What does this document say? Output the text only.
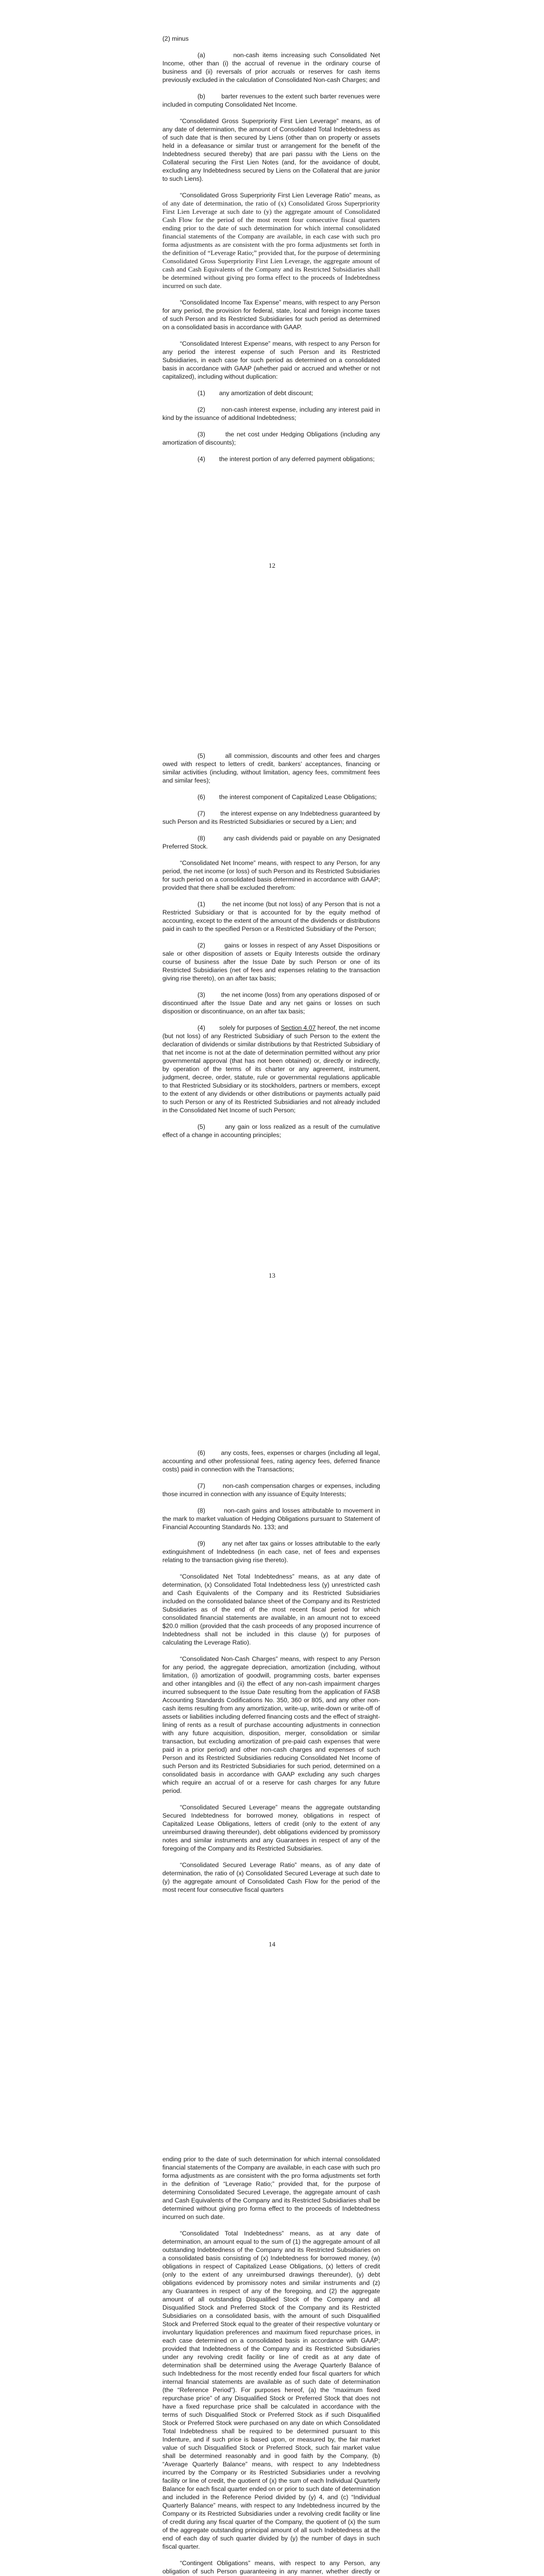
(2) minus

(a)	non-cash items increasing such Consolidated Net Income, other than (i) the accrual of revenue in the ordinary course of business and (ii) reversals of prior accruals or reserves for cash items previously excluded in the calculation of Consolidated Non-cash Charges; and

(b)	barter revenues to the extent such barter revenues were included in computing Consolidated Net Income.

“Consolidated Gross Superpriority First Lien Leverage” means, as of any date of determination, the amount of Consolidated Total Indebtedness as of such date that is then secured by Liens (other than on property or assets held in a defeasance or similar trust or arrangement for the benefit of the Indebtedness secured thereby) that are pari passu with the Liens on the Collateral securing the First Lien Notes (and, for the avoidance of doubt, excluding any Indebtedness secured by Liens on the Collateral that are junior to such Liens).

“Consolidated Gross Superpriority First Lien Leverage Ratio” means, as of any date of determination, the ratio of (x) Consolidated Gross Superpriority First Lien Leverage at such date to (y) the aggregate amount of Consolidated Cash Flow for the period of the most recent four consecutive fiscal quarters ending prior to the date of such determination for which internal consolidated financial statements of the Company are available, in each case with such pro forma adjustments as are consistent with the pro forma adjustments set forth in the definition of “Leverage Ratio;” provided that, for the purpose of determining Consolidated Gross Superpriority First Lien Leverage, the aggregate amount of cash and Cash Equivalents of the Company and its Restricted Subsidiaries shall be determined without giving pro forma effect to the proceeds of Indebtedness incurred on such date.

“Consolidated Income Tax Expense” means, with respect to any Person for any period, the provision for federal, state, local and foreign income taxes of such Person and its Restricted Subsidiaries for such period as determined on a consolidated basis in accordance with GAAP.

“Consolidated Interest Expense” means, with respect to any Person for any period the interest expense of such Person and its Restricted Subsidiaries, in each case for such period as determined on a consolidated basis in accordance with GAAP (whether paid or accrued and whether or not capitalized), including without duplication:

(1) any amortization of debt discount;

(2)	non-cash interest expense, including any interest paid in kind by the issuance of additional Indebtedness;

(3)	the net cost under Hedging Obligations (including any amortization of discounts);

(4) the interest portion of any deferred payment obligations;

12

(5)	all commission, discounts and other fees and charges owed with respect to letters of credit, bankers’ acceptances, financing or similar activities (including, without limitation, agency fees, commitment fees and similar fees);

(6) the interest component of Capitalized Lease Obligations;

(7) the interest expense on any Indebtedness guaranteed by such Person and its Restricted Subsidiaries or secured by a Lien; and

(8)	any cash dividends paid or payable on any Designated Preferred Stock.

“Consolidated Net Income” means, with respect to any Person, for any period, the net income (or loss) of such Person and its Restricted Subsidiaries for such period on a consolidated basis determined in accordance with GAAP; provided that there shall be excluded therefrom:

(1)	the net income (but not loss) of any Person that is not a Restricted Subsidiary or that is accounted for by the equity method of accounting, except to the extent of the amount of the dividends or distributions paid in cash to the specified Person or a Restricted Subsidiary of the Person;

(2)	gains or losses in respect of any Asset Dispositions or sale or other disposition of assets or Equity Interests outside the ordinary course of business after the Issue Date by such Person or one of its Restricted Subsidiaries (net of fees and expenses relating to the transaction giving rise thereto), on an after tax basis;

(3)	the net income (loss) from any operations disposed of or discontinued after the Issue Date and any net gains or losses on such disposition or discontinuance, on an after tax basis;

(4) solely for purposes of Section 4.07 hereof, the net income (but not loss) of any Restricted Subsidiary of such Person to the extent the declaration of dividends or similar distributions by that Restricted Subsidiary of that net income is not at the date of determination permitted without any prior governmental approval (that has not been obtained) or, directly or indirectly, by operation of the terms of its charter or any agreement, instrument, judgment, decree, order, statute, rule or governmental regulations applicable to that Restricted Subsidiary or its stockholders, partners or members, except to the extent of any dividends or other distributions or payments actually paid to such Person or any of its Restricted Subsidiaries and not already included in the Consolidated Net Income of such Person;

(5)	any gain or loss realized as a result of the cumulative effect of a change in accounting principles;

13

(6)	any costs, fees, expenses or charges (including all legal, accounting and other professional fees, rating agency fees, deferred finance costs) paid in connection with the Transactions;

(7)	non-cash compensation charges or expenses, including those incurred in connection with any issuance of Equity Interests;

(8)	non-cash gains and losses attributable to movement in the mark to market valuation of Hedging Obligations pursuant to Statement of Financial Accounting Standards No. 133; and

(9)	any net after tax gains or losses attributable to the early extinguishment of Indebtedness (in each case, net of fees and expenses relating to the transaction giving rise thereto).

“Consolidated Net Total Indebtedness” means, as at any date of determination, (x) Consolidated Total Indebtedness less (y) unrestricted cash and Cash Equivalents of the Company and its Restricted Subsidiaries included on the consolidated balance sheet of the Company and its Restricted Subsidiaries as of the end of the most recent fiscal period for which consolidated financial statements are available, in an amount not to exceed $20.0 million (provided that the cash proceeds of any proposed incurrence of Indebtedness shall not be included in this clause (y) for purposes of calculating the Leverage Ratio).

“Consolidated Non-Cash Charges” means, with respect to any Person for any period, the aggregate depreciation, amortization (including, without limitation, (i) amortization of goodwill, programming costs, barter expenses and other intangibles and (ii) the effect of any non-cash impairment charges incurred subsequent to the Issue Date resulting from the application of FASB Accounting Standards Codifications No. 350, 360 or 805, and any other non-cash items resulting from any amortization, write-up, write-down or write-off of assets or liabilities including deferred financing costs and the effect of straight-lining of rents as a result of purchase accounting adjustments in connection with any future acquisition, disposition, merger, consolidation or similar transaction, but excluding amortization of pre-paid cash expenses that were paid in a prior period) and other non-cash charges and expenses of such Person and its Restricted Subsidiaries reducing Consolidated Net Income of such Person and its Restricted Subsidiaries for such period, determined on a consolidated basis in accordance with GAAP excluding any such charges which require an accrual of or a reserve for cash charges for any future period.

“Consolidated Secured Leverage” means the aggregate outstanding Secured Indebtedness for borrowed money, obligations in respect of Capitalized Lease Obligations, letters of credit (only to the extent of any unreimbursed drawing thereunder), debt obligations evidenced by promissory notes and similar instruments and any Guarantees in respect of any of the foregoing of the Company and its Restricted Subsidiaries.

“Consolidated Secured Leverage Ratio” means, as of any date of determination, the ratio of (x) Consolidated Secured Leverage at such date to (y) the aggregate amount of Consolidated Cash Flow for the period of the most recent four consecutive fiscal quarters

14

ending prior to the date of such determination for which internal consolidated financial statements of the Company are available, in each case with such pro forma adjustments as are consistent with the pro forma adjustments set forth in the definition of “Leverage Ratio;” provided that, for the purpose of determining Consolidated Secured Leverage, the aggregate amount of cash and Cash Equivalents of the Company and its Restricted Subsidiaries shall be determined without giving pro forma effect to the proceeds of Indebtedness incurred on such date.

“Consolidated Total Indebtedness” means, as at any date of determination, an amount equal to the sum of (1) the aggregate amount of all outstanding Indebtedness of the Company and its Restricted Subsidiaries on a consolidated basis consisting of (x) Indebtedness for borrowed money, (w) obligations in respect of Capitalized Lease Obligations, (x) letters of credit (only to the extent of any unreimbursed drawings thereunder), (y) debt obligations evidenced by promissory notes and similar instruments and (z) any Guarantees in respect of any of the foregoing, and (2) the aggregate amount of all outstanding Disqualified Stock of the Company and all Disqualified Stock and Preferred Stock of the Company and its Restricted Subsidiaries on a consolidated basis, with the amount of such Disqualified Stock and Preferred Stock equal to the greater of their respective voluntary or involuntary liquidation preferences and maximum fixed repurchase prices, in each case determined on a consolidated basis in accordance with GAAP; provided that Indebtedness of the Company and its Restricted Subsidiaries under any revolving credit facility or line of credit as at any date of determination shall be determined using the Average Quarterly Balance of such Indebtedness for the most recently ended four fiscal quarters for which internal financial statements are available as of such date of determination (the “Reference Period”). For purposes hereof, (a) the “maximum fixed repurchase price” of any Disqualified Stock or Preferred Stock that does not have a fixed repurchase price shall be calculated in accordance with the terms of such Disqualified Stock or Preferred Stock as if such Disqualified Stock or Preferred Stock were purchased on any date on which Consolidated Total Indebtedness shall be required to be determined pursuant to this Indenture, and if such price is based upon, or measured by, the fair market value of such Disqualified Stock or Preferred Stock, such fair market value shall be determined reasonably and in good faith by the Company, (b) “Average Quarterly Balance” means, with respect to any Indebtedness incurred by the Company or its Restricted Subsidiaries under a revolving facility or line of credit, the quotient of (x) the sum of each Individual Quarterly Balance for each fiscal quarter ended on or prior to such date of determination and included in the Reference Period divided by (y) 4, and (c) “Individual Quarterly Balance” means, with respect to any Indebtedness incurred by the Company or its Restricted Subsidiaries under a revolving credit facility or line of credit during any fiscal quarter of the Company, the quotient of (x) the sum of the aggregate outstanding principal amount of all such Indebtedness at the end of each day of such quarter divided by (y) the number of days in such fiscal quarter.

“Contingent Obligations” means, with respect to any Person, any obligation of such Person guaranteeing in any manner, whether directly or
